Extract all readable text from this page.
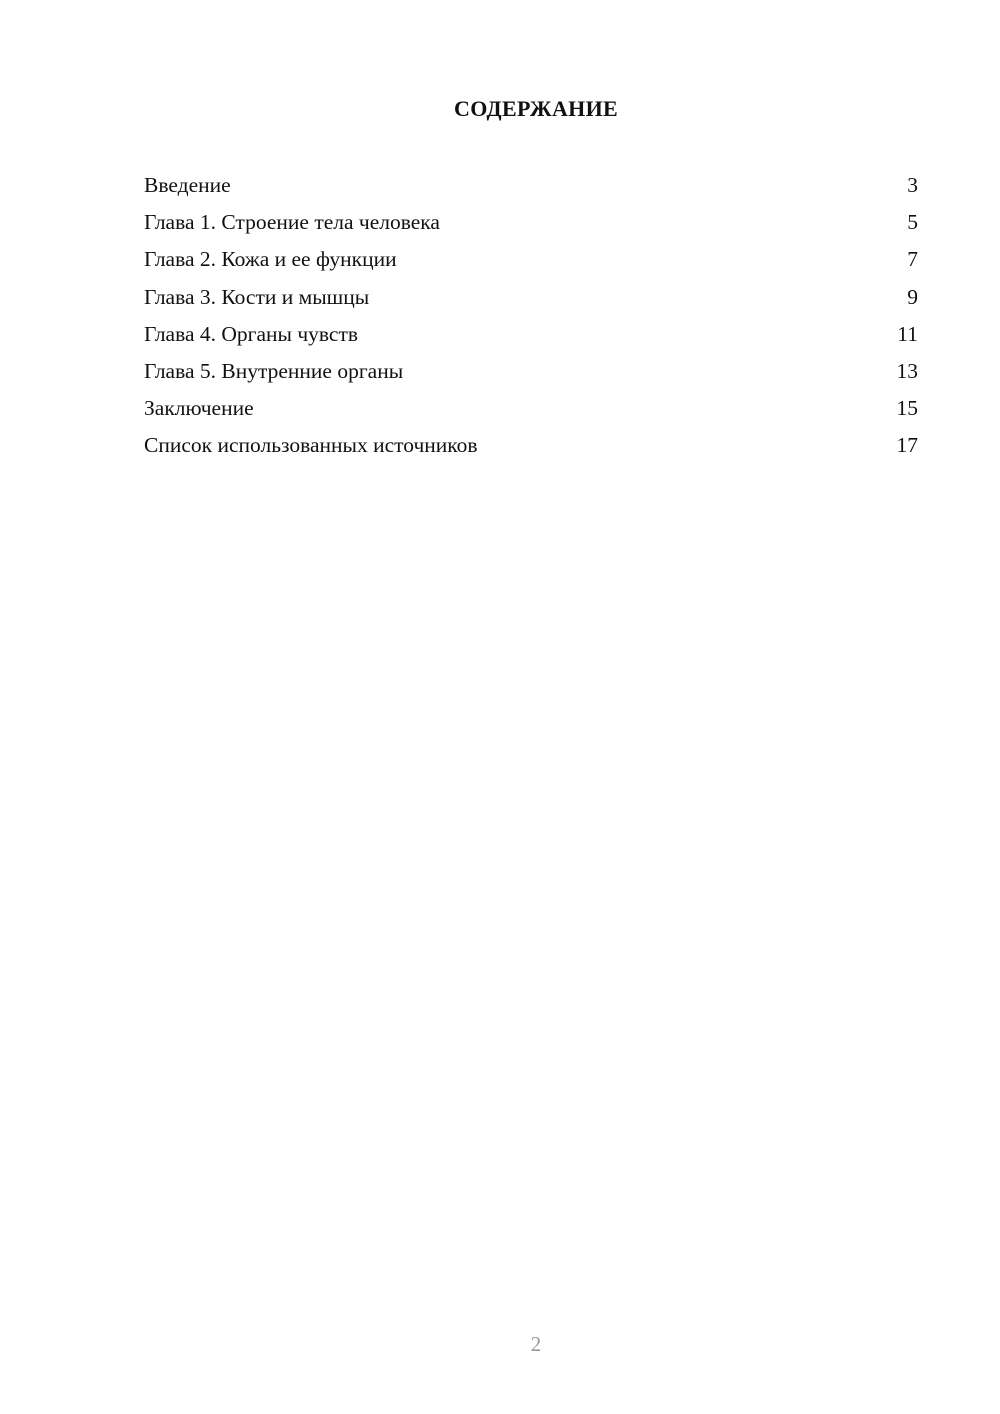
СОДЕРЖАНИЕ
Введение	3
Глава 1. Строение тела человека	5
Глава 2. Кожа и ее функции	7
Глава 3. Кости и мышцы	9
Глава 4. Органы чувств	11
Глава 5. Внутренние органы	13
Заключение	15
Список использованных источников	17
2
